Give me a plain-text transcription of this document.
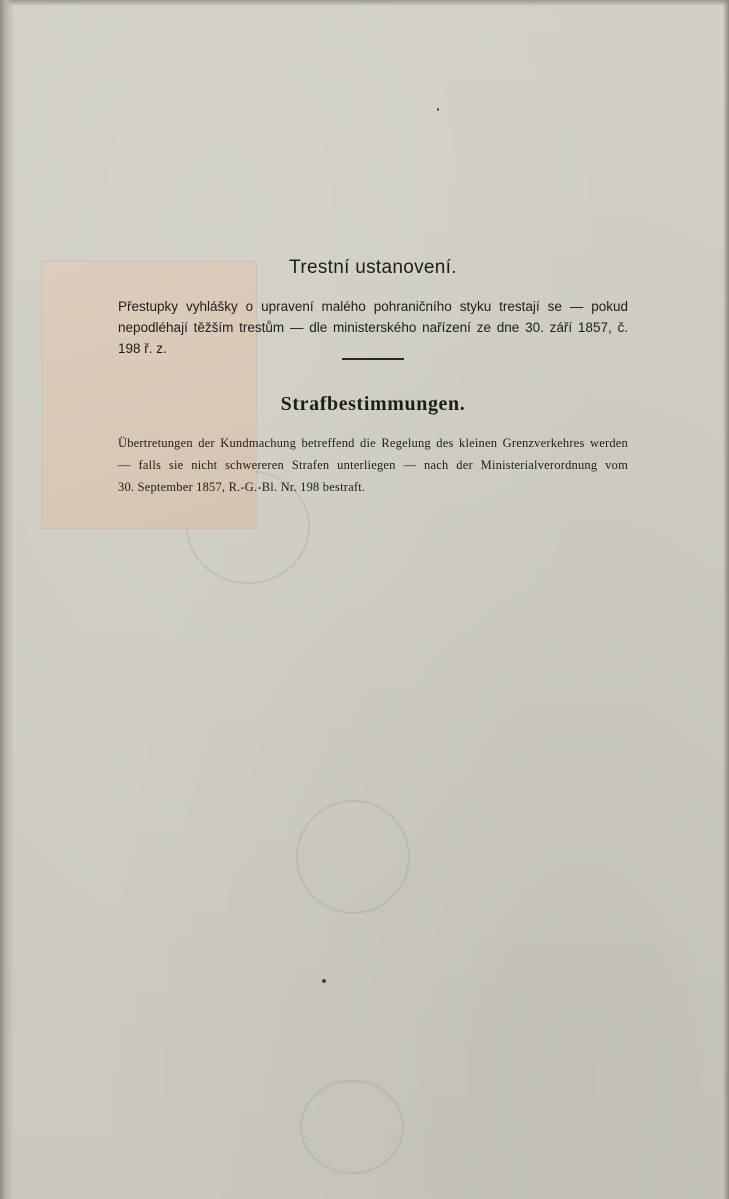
Trestní ustanovení.
Přestupky vyhlášky o upravení malého pohraničního styku trestají se — pokud
nepodléhají těžším trestům — dle ministerského nařízení ze dne 30. září 1857, č. 198 ř. z.
Strafbestimmungen.
Übertretungen der Kundmachung betreffend die Regelung des kleinen Grenzverkehres werden
— falls sie nicht schwereren Strafen unterliegen — nach der Ministerialverordnung vom
30. September 1857, R.-G.-Bl. Nr. 198 bestraft.
